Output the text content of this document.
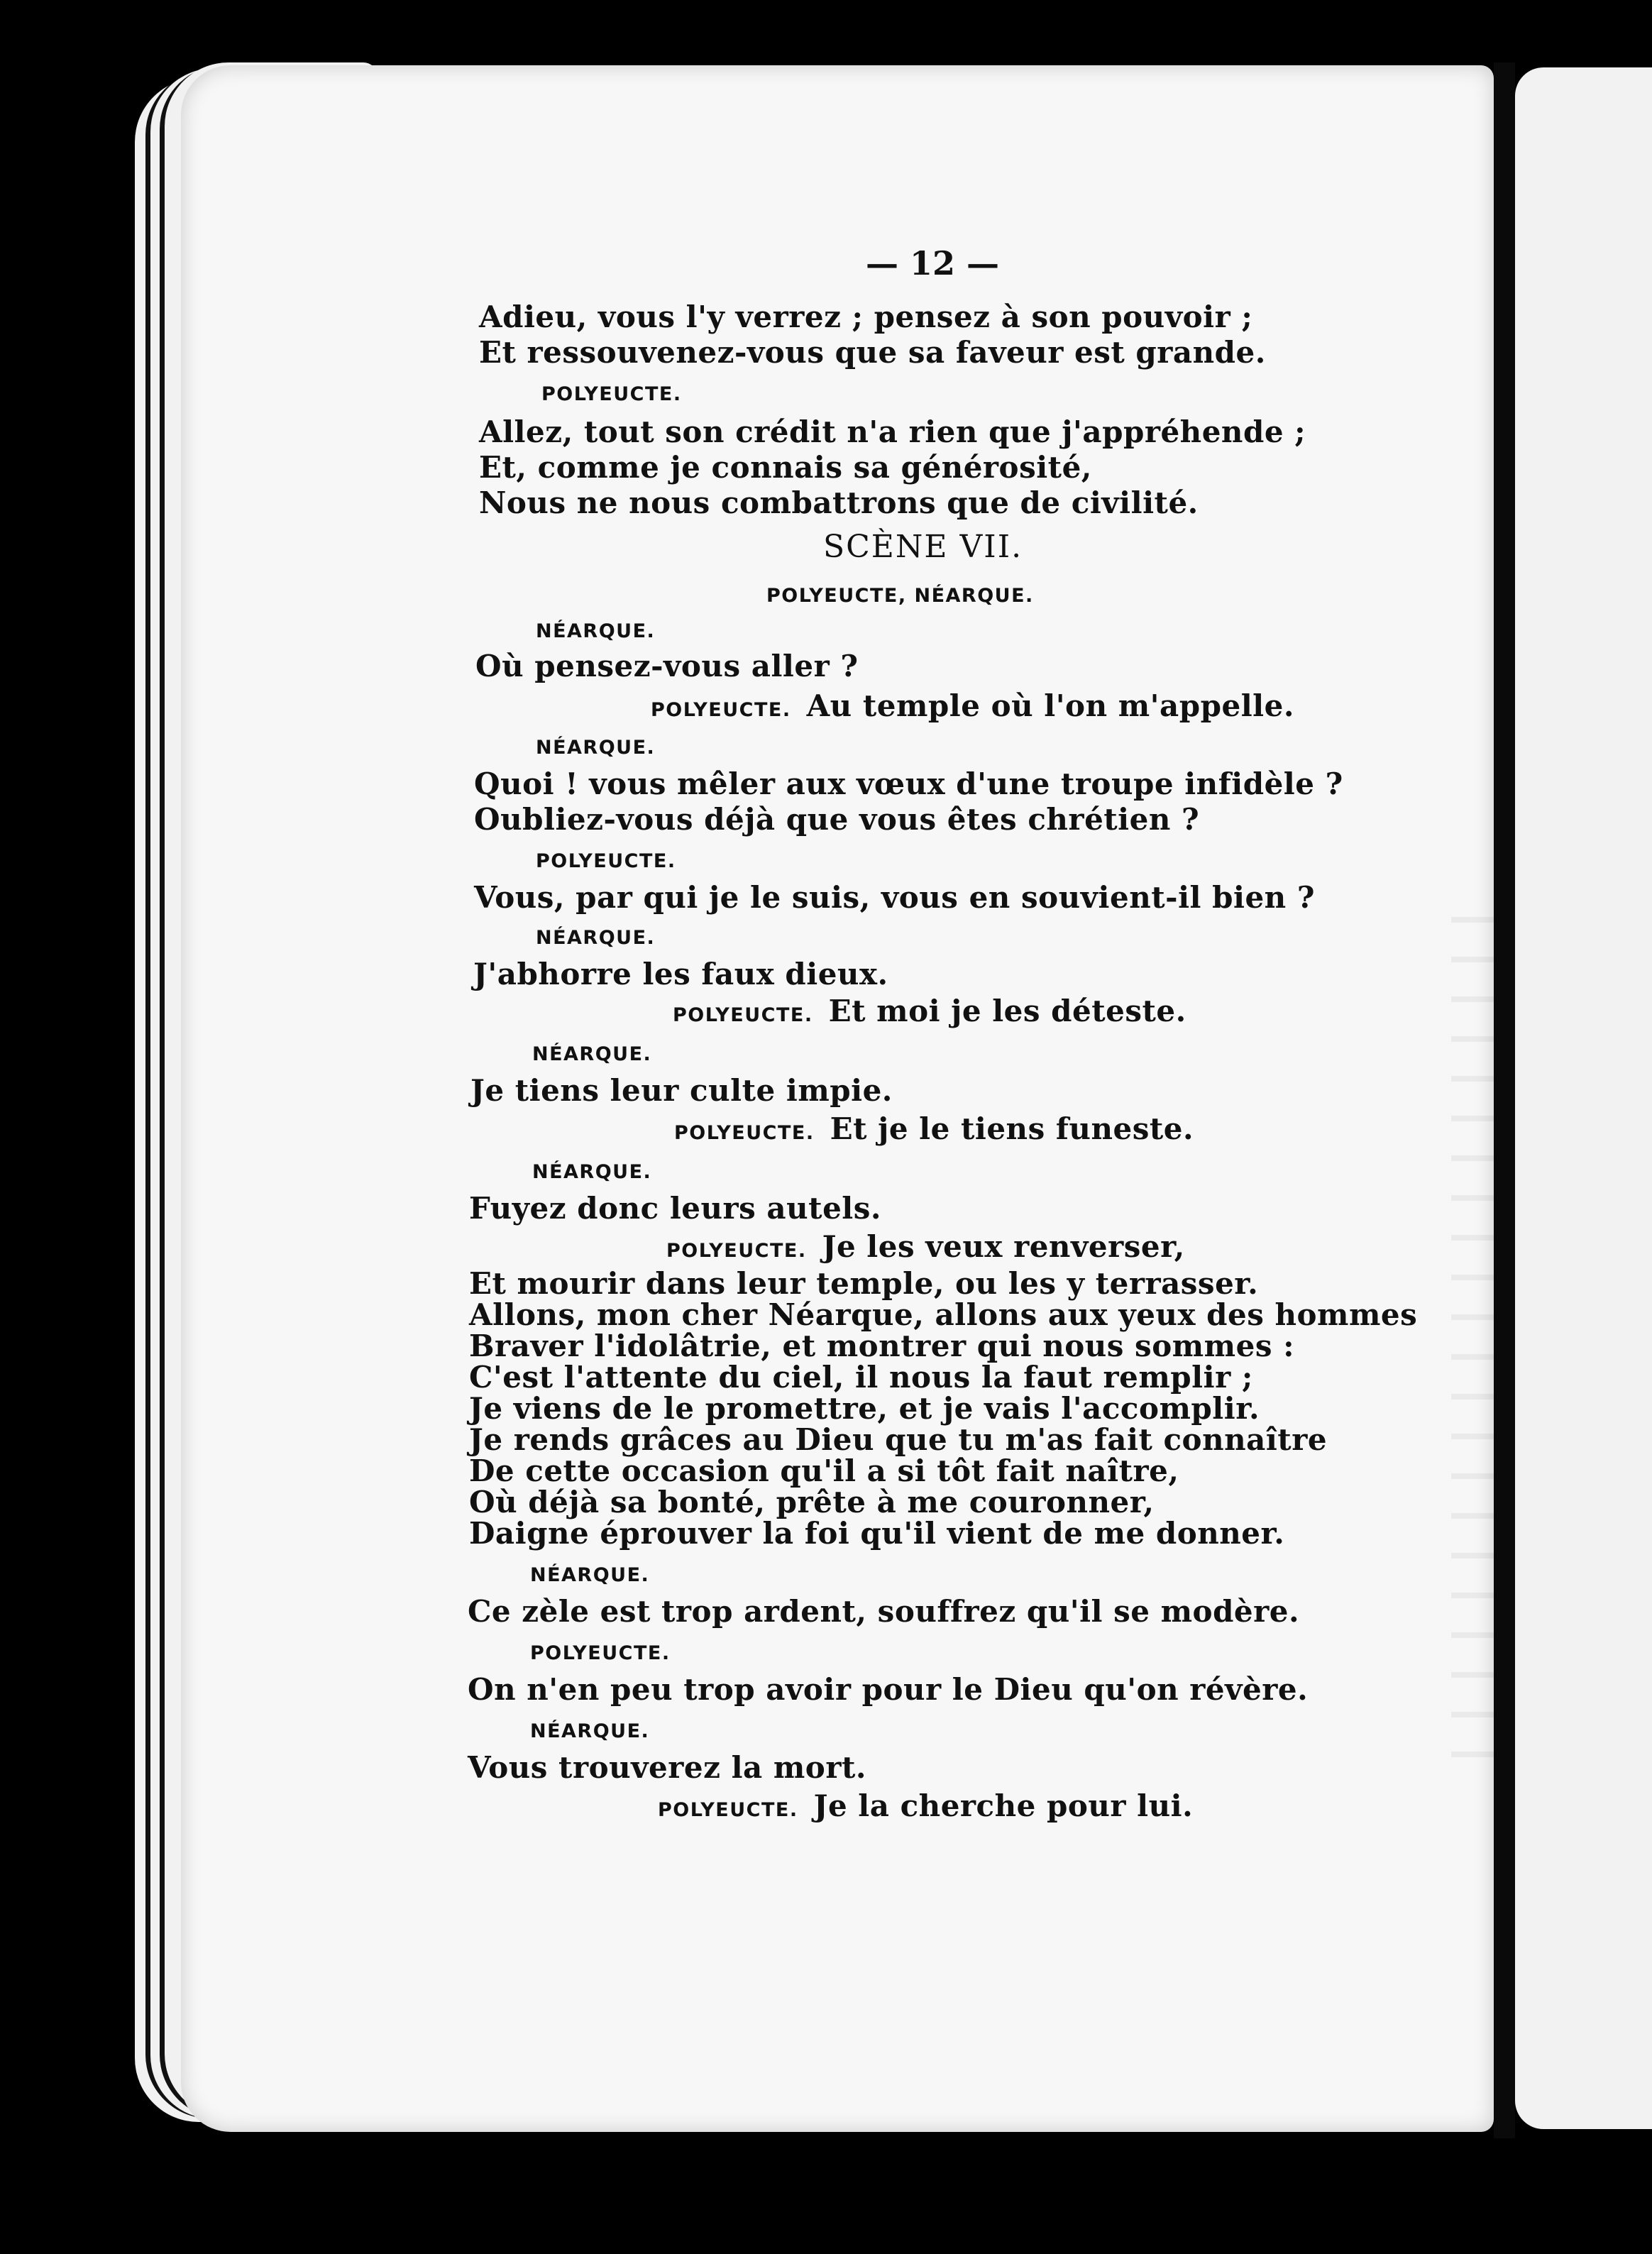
— 12 —
Adieu, vous l'y verrez ; pensez à son pouvoir ;
Et ressouvenez-vous que sa faveur est grande.
POLYEUCTE.
Allez, tout son crédit n'a rien que j'appréhende ;
Et, comme je connais sa générosité,
Nous ne nous combattrons que de civilité.
SCÈNE VII.
POLYEUCTE, NÉARQUE.
NÉARQUE.
Où pensez-vous aller ?
POLYEUCTE. Au temple où l'on m'appelle.
NÉARQUE.
Quoi ! vous mêler aux vœux d'une troupe infidèle ?
Oubliez-vous déjà que vous êtes chrétien ?
POLYEUCTE.
Vous, par qui je le suis, vous en souvient-il bien ?
NÉARQUE.
J'abhorre les faux dieux.
POLYEUCTE. Et moi je les déteste.
NÉARQUE.
Je tiens leur culte impie.
POLYEUCTE. Et je le tiens funeste.
NÉARQUE.
Fuyez donc leurs autels.
POLYEUCTE. Je les veux renverser,
Et mourir dans leur temple, ou les y terrasser.
Allons, mon cher Néarque, allons aux yeux des hommes
Braver l'idolâtrie, et montrer qui nous sommes :
C'est l'attente du ciel, il nous la faut remplir ;
Je viens de le promettre, et je vais l'accomplir.
Je rends grâces au Dieu que tu m'as fait connaître
De cette occasion qu'il a si tôt fait naître,
Où déjà sa bonté, prête à me couronner,
Daigne éprouver la foi qu'il vient de me donner.
NÉARQUE.
Ce zèle est trop ardent, souffrez qu'il se modère.
POLYEUCTE.
On n'en peu trop avoir pour le Dieu qu'on révère.
NÉARQUE.
Vous trouverez la mort.
POLYEUCTE. Je la cherche pour lui.
